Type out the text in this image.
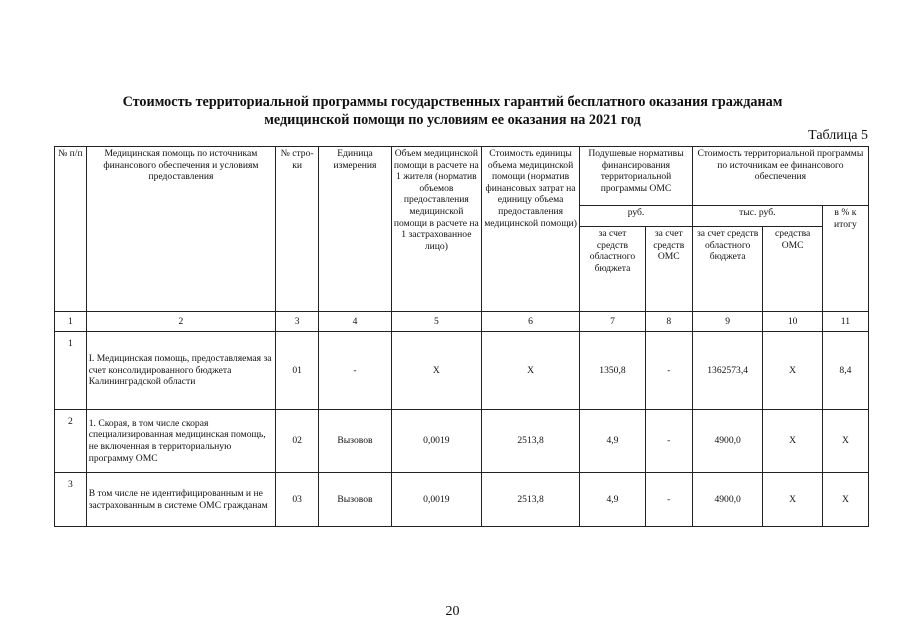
Стоимость территориальной программы государственных гарантий бесплатного оказания гражданам
медицинской помощи по условиям ее оказания на 2021 год
Таблица 5
№ п/п	Медицинская помощь по источникам финансового обеспечения и условиям предоставления	№ стро-ки	Единица измерения	Объем медицинской помощи в расчете на 1 жителя (норматив объемов предоставления медицинской помощи в расчете на 1 застрахованное лицо)	Стоимость единицы объема медицинской помощи (норматив финансовых затрат на единицу объема предоставления медицинской помощи)	Подушевые нормативы финансирования территориальной программы ОМС		Стоимость территориальной программы по источникам ее финансового обеспечения		
						руб.		тыс. руб.		в % к итогу
						за счет средств областного бюджета	за счет средств ОМС	за счет средств областного бюджета	средства ОМС	
1	2	3	4	5	6	7	8	9	10	11
1	I. Медицинская помощь, предоставляемая за счет консолидированного бюджета Калининградской области	01	-	X	X	1350,8	-	1362573,4	X	8,4
2	1. Скорая, в том числе скорая специализированная медицинская помощь, не включенная в территориальную программу ОМС	02	Вызовов	0,0019	2513,8	4,9	-	4900,0	X	X
3	В том числе не идентифицированным и не застрахованным в системе ОМС гражданам	03	Вызовов	0,0019	2513,8	4,9	-	4900,0	X	X
20
